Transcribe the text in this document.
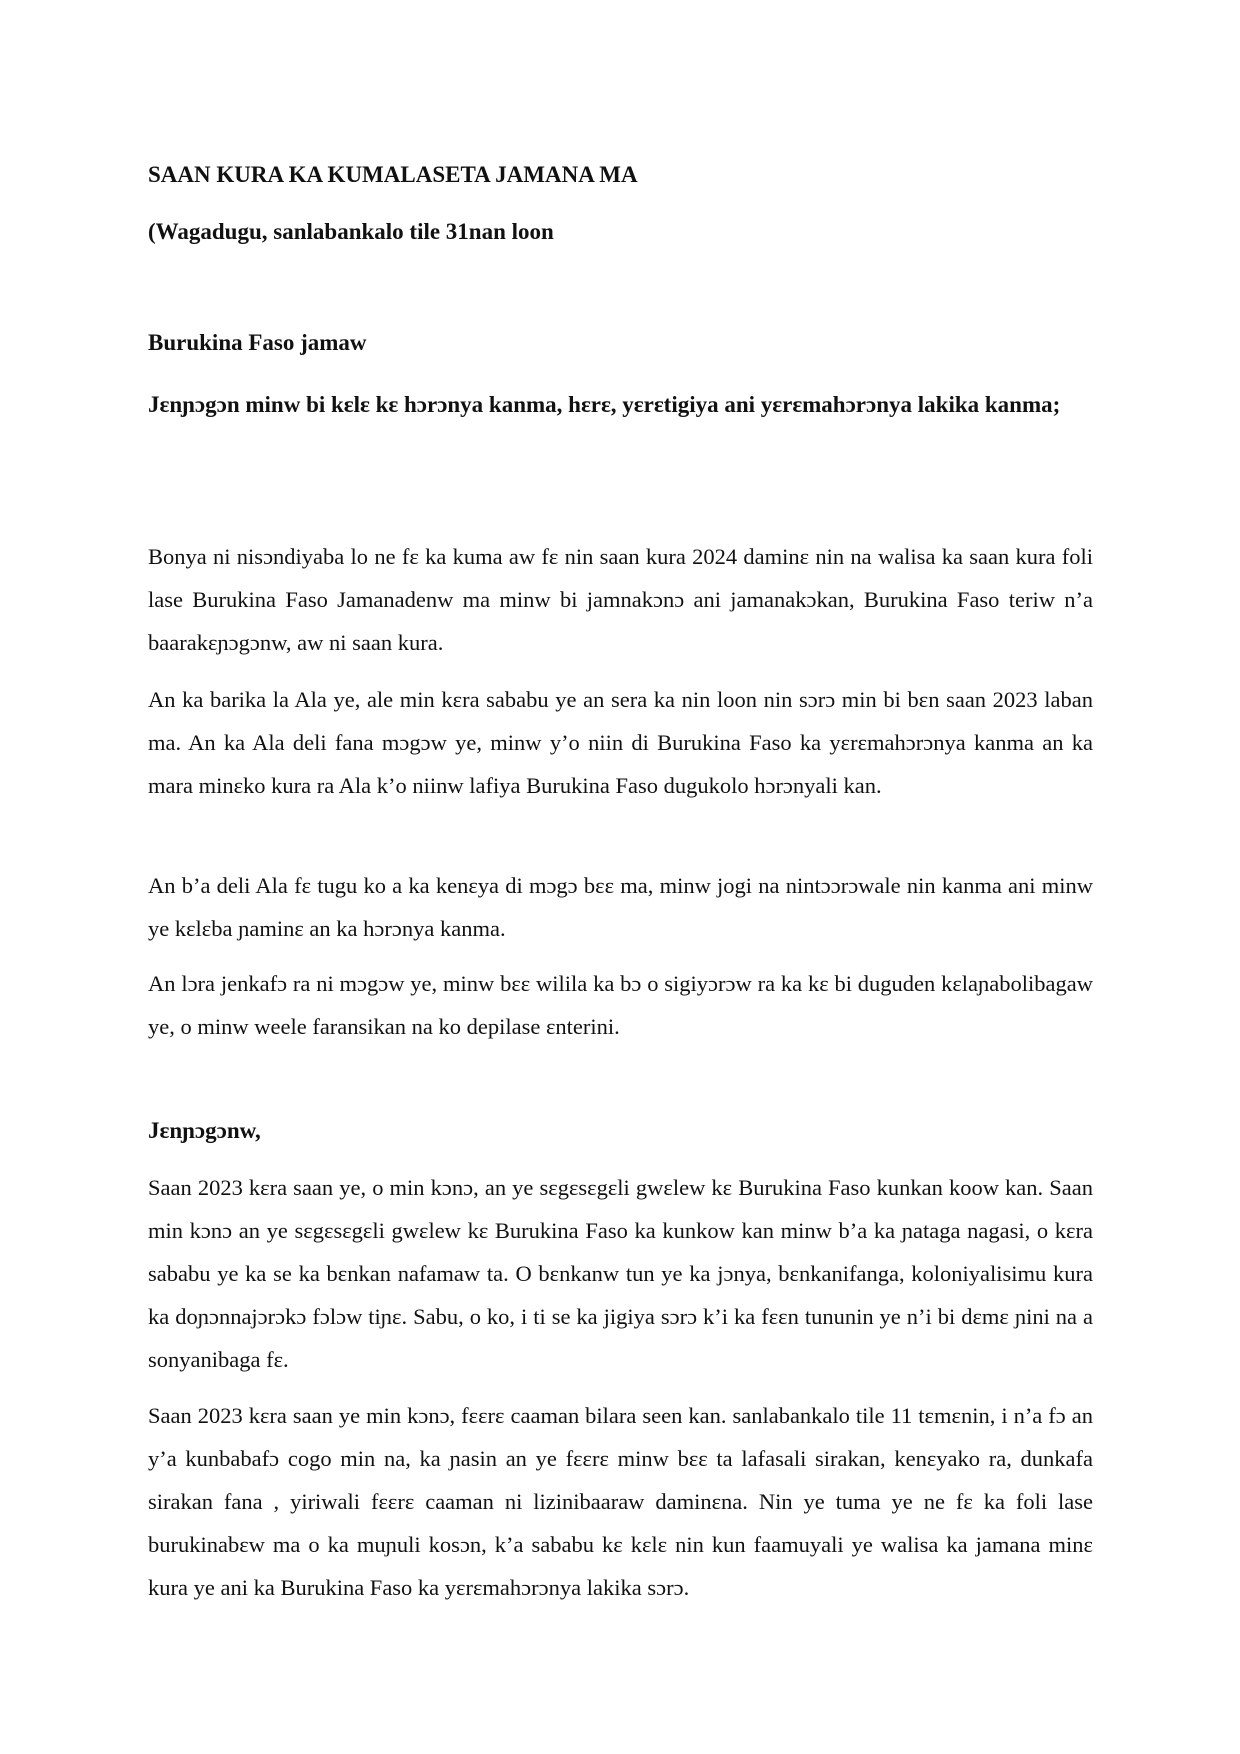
SAAN KURA KA KUMALASETA JAMANA MA
(Wagadugu, sanlabankalo tile 31nan loon
Burukina Faso jamaw
Jɛnɲɔgɔn minw bi kɛlɛ kɛ hɔrɔnya kanma, hɛrɛ, yɛrɛtigiya ani yɛrɛmahɔrɔnya lakika kanma;

Bonya ni nisɔndiyaba lo ne fɛ ka kuma aw fɛ nin saan kura 2024 daminɛ nin na walisa ka saan kura foli lase Burukina Faso Jamanadenw ma minw bi jamnakɔnɔ ani jamanakɔkan, Burukina Faso teriw n’a baarakɛɲɔgɔnw, aw ni saan kura.

An ka barika la Ala ye, ale min kɛra sababu ye an sera ka nin loon nin sɔrɔ min bi bɛn saan 2023 laban ma. An ka Ala deli fana mɔgɔw ye, minw y’o niin di Burukina Faso ka yɛrɛmahɔrɔnya kanma an ka mara minɛko kura ra Ala k’o niinw lafiya Burukina Faso dugukolo hɔrɔnyali kan.

An b’a deli Ala fɛ tugu ko a ka kenɛya di mɔgɔ bɛɛ ma, minw jogi na nintɔɔrɔwale nin kanma ani minw ye kɛlɛba ɲaminɛ an ka hɔrɔnya kanma.

An lɔra jenkafɔ ra ni mɔgɔw ye, minw bɛɛ wilila ka bɔ o sigiyɔrɔw ra ka kɛ bi duguden kɛlaɲabolibagaw ye, o minw weele faransikan na ko depilase ɛnterini.

Jɛnɲɔgɔnw,

Saan 2023 kɛra saan ye, o min kɔnɔ, an ye sɛgɛsɛgɛli gwɛlew kɛ Burukina Faso kunkan koow kan. Saan min kɔnɔ an ye sɛgɛsɛgɛli gwɛlew kɛ Burukina Faso ka kunkow kan minw b’a ka ɲataga nagasi, o kɛra sababu ye ka se ka bɛnkan nafamaw ta. O bɛnkanw tun ye ka jɔnya, bɛnkanifanga, koloniyalisimu kura ka doɲɔnnajɔrɔkɔ fɔlɔw tiɲɛ. Sabu, o ko, i ti se ka jigiya sɔrɔ k’i ka fɛɛn tununin ye n’i bi dɛmɛ ɲini na a sonyanibaga fɛ.

Saan 2023 kɛra saan ye min kɔnɔ, fɛɛrɛ caaman bilara seen kan. sanlabankalo tile 11 tɛmɛnin, i n’a fɔ an y’a kunbabafɔ cogo min na, ka ɲasin an ye fɛɛrɛ minw bɛɛ ta lafasali sirakan, kenɛyako ra, dunkafa sirakan fana , yiriwali fɛɛrɛ caaman ni lizinibaaraw daminɛna. Nin ye tuma ye ne fɛ ka foli lase burukinabɛw ma o ka muɲuli kosɔn, k’a sababu kɛ kɛlɛ nin kun faamuyali ye walisa ka jamana minɛ kura ye ani ka Burukina Faso ka yɛrɛmahɔrɔnya lakika sɔrɔ.
